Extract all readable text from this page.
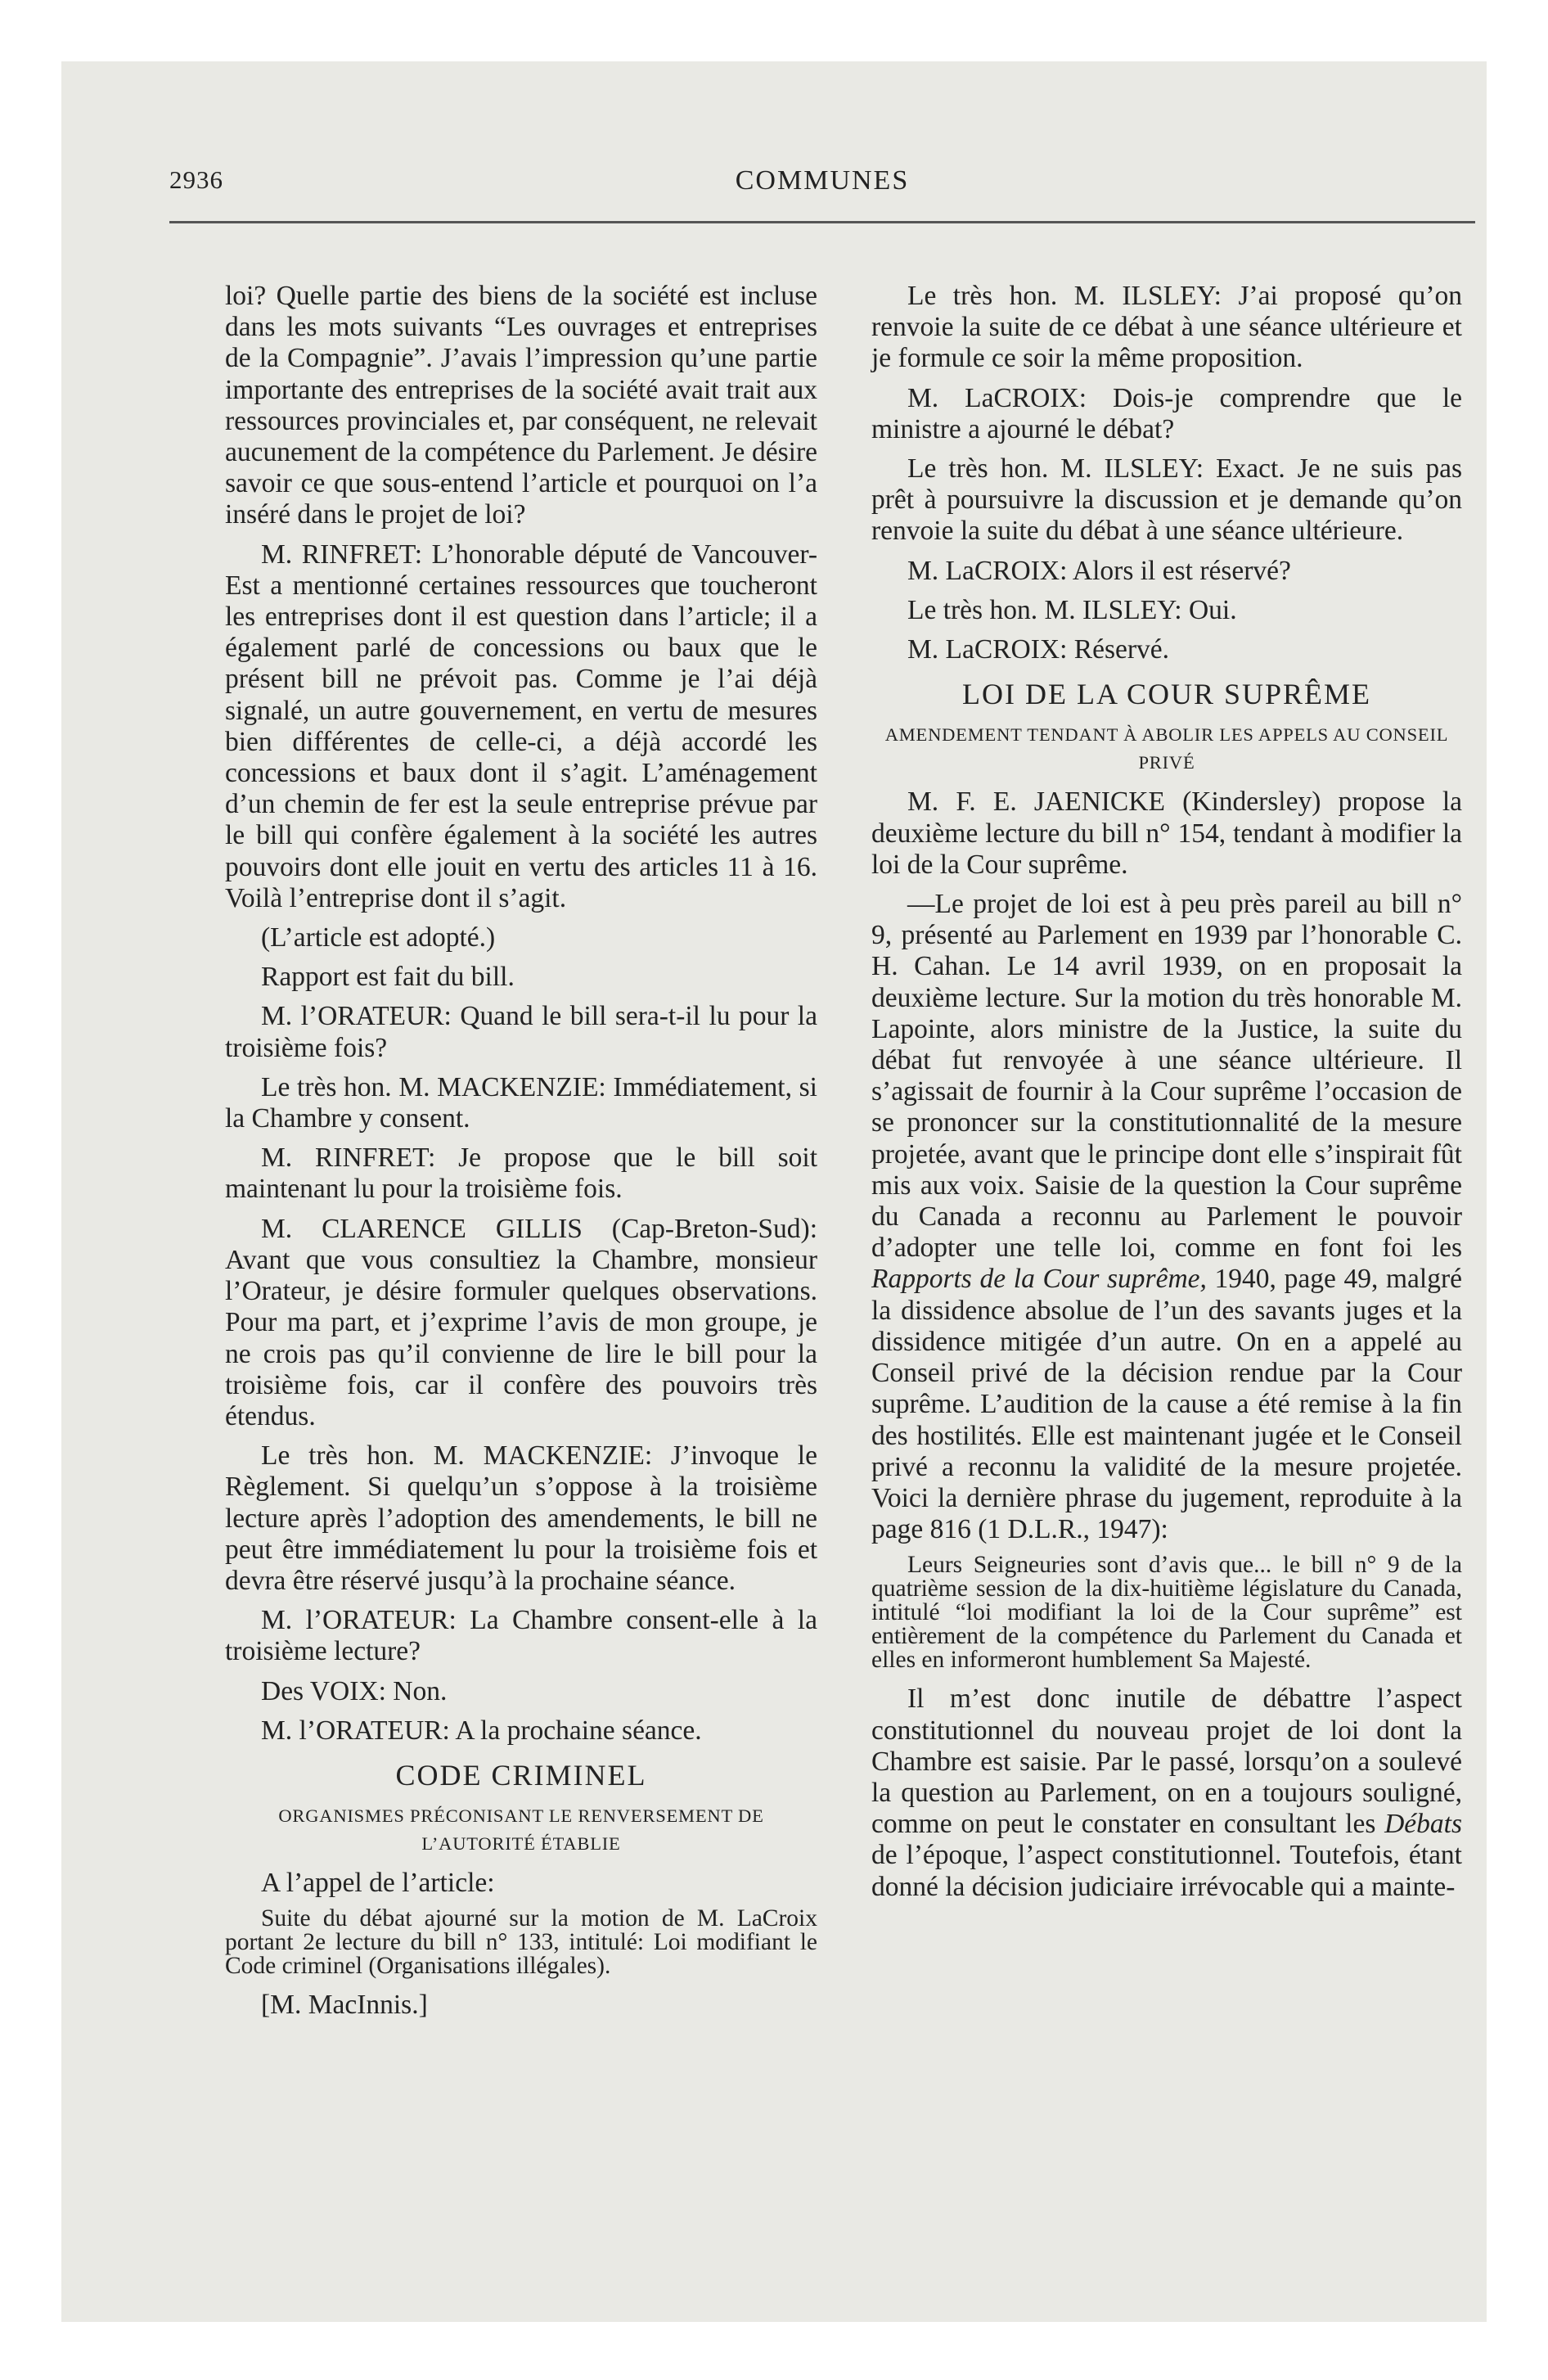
2936	COMMUNES

loi? Quelle partie des biens de la société est incluse dans les mots suivants “Les ouvrages et entreprises de la Compagnie”. J’avais l’impression qu’une partie importante des entreprises de la société avait trait aux ressources provinciales et, par conséquent, ne relevait aucunement de la compétence du Parlement. Je désire savoir ce que sous-entend l’article et pourquoi on l’a inséré dans le projet de loi?

M. RINFRET: L’honorable député de Vancouver-Est a mentionné certaines ressources que toucheront les entreprises dont il est question dans l’article; il a également parlé de concessions ou baux que le présent bill ne prévoit pas. Comme je l’ai déjà signalé, un autre gouvernement, en vertu de mesures bien différentes de celle-ci, a déjà accordé les concessions et baux dont il s’agit. L’aménagement d’un chemin de fer est la seule entreprise prévue par le bill qui confère également à la société les autres pouvoirs dont elle jouit en vertu des articles 11 à 16. Voilà l’entreprise dont il s’agit.

(L’article est adopté.)

Rapport est fait du bill.

M. l’ORATEUR: Quand le bill sera-t-il lu pour la troisième fois?

Le très hon. M. MACKENZIE: Immédiatement, si la Chambre y consent.

M. RINFRET: Je propose que le bill soit maintenant lu pour la troisième fois.

M. CLARENCE GILLIS (Cap-Breton-Sud): Avant que vous consultiez la Chambre, monsieur l’Orateur, je désire formuler quelques observations. Pour ma part, et j’exprime l’avis de mon groupe, je ne crois pas qu’il convienne de lire le bill pour la troisième fois, car il confère des pouvoirs très étendus.

Le très hon. M. MACKENZIE: J’invoque le Règlement. Si quelqu’un s’oppose à la troisième lecture après l’adoption des amendements, le bill ne peut être immédiatement lu pour la troisième fois et devra être réservé jusqu’à la prochaine séance.

M. l’ORATEUR: La Chambre consent-elle à la troisième lecture?

Des VOIX: Non.

M. l’ORATEUR: A la prochaine séance.

CODE CRIMINEL
ORGANISMES PRÉCONISANT LE RENVERSEMENT DE L’AUTORITÉ ÉTABLIE

A l’appel de l’article:

Suite du débat ajourné sur la motion de M. LaCroix portant 2e lecture du bill n° 133, intitulé: Loi modifiant le Code criminel (Organisations illégales).

[M. MacInnis.]

Le très hon. M. ILSLEY: J’ai proposé qu’on renvoie la suite de ce débat à une séance ultérieure et je formule ce soir la même proposition.

M. LaCROIX: Dois-je comprendre que le ministre a ajourné le débat?

Le très hon. M. ILSLEY: Exact. Je ne suis pas prêt à poursuivre la discussion et je demande qu’on renvoie la suite du débat à une séance ultérieure.

M. LaCROIX: Alors il est réservé?

Le très hon. M. ILSLEY: Oui.

M. LaCROIX: Réservé.

LOI DE LA COUR SUPRÊME
AMENDEMENT TENDANT À ABOLIR LES APPELS AU CONSEIL PRIVÉ

M. F. E. JAENICKE (Kindersley) propose la deuxième lecture du bill n° 154, tendant à modifier la loi de la Cour suprême.

—Le projet de loi est à peu près pareil au bill n° 9, présenté au Parlement en 1939 par l’honorable C. H. Cahan. Le 14 avril 1939, on en proposait la deuxième lecture. Sur la motion du très honorable M. Lapointe, alors ministre de la Justice, la suite du débat fut renvoyée à une séance ultérieure. Il s’agissait de fournir à la Cour suprême l’occasion de se prononcer sur la constitutionnalité de la mesure projetée, avant que le principe dont elle s’inspirait fût mis aux voix. Saisie de la question la Cour suprême du Canada a reconnu au Parlement le pouvoir d’adopter une telle loi, comme en font foi les Rapports de la Cour suprême, 1940, page 49, malgré la dissidence absolue de l’un des savants juges et la dissidence mitigée d’un autre. On en a appelé au Conseil privé de la décision rendue par la Cour suprême. L’audition de la cause a été remise à la fin des hostilités. Elle est maintenant jugée et le Conseil privé a reconnu la validité de la mesure projetée. Voici la dernière phrase du jugement, reproduite à la page 816 (1 D.L.R., 1947):

Leurs Seigneuries sont d’avis que... le bill n° 9 de la quatrième session de la dix-huitième législature du Canada, intitulé “loi modifiant la loi de la Cour suprême” est entièrement de la compétence du Parlement du Canada et elles en informeront humblement Sa Majesté.

Il m’est donc inutile de débattre l’aspect constitutionnel du nouveau projet de loi dont la Chambre est saisie. Par le passé, lorsqu’on a soulevé la question au Parlement, on en a toujours souligné, comme on peut le constater en consultant les Débats de l’époque, l’aspect constitutionnel. Toutefois, étant donné la décision judiciaire irrévocable qui a mainte-
